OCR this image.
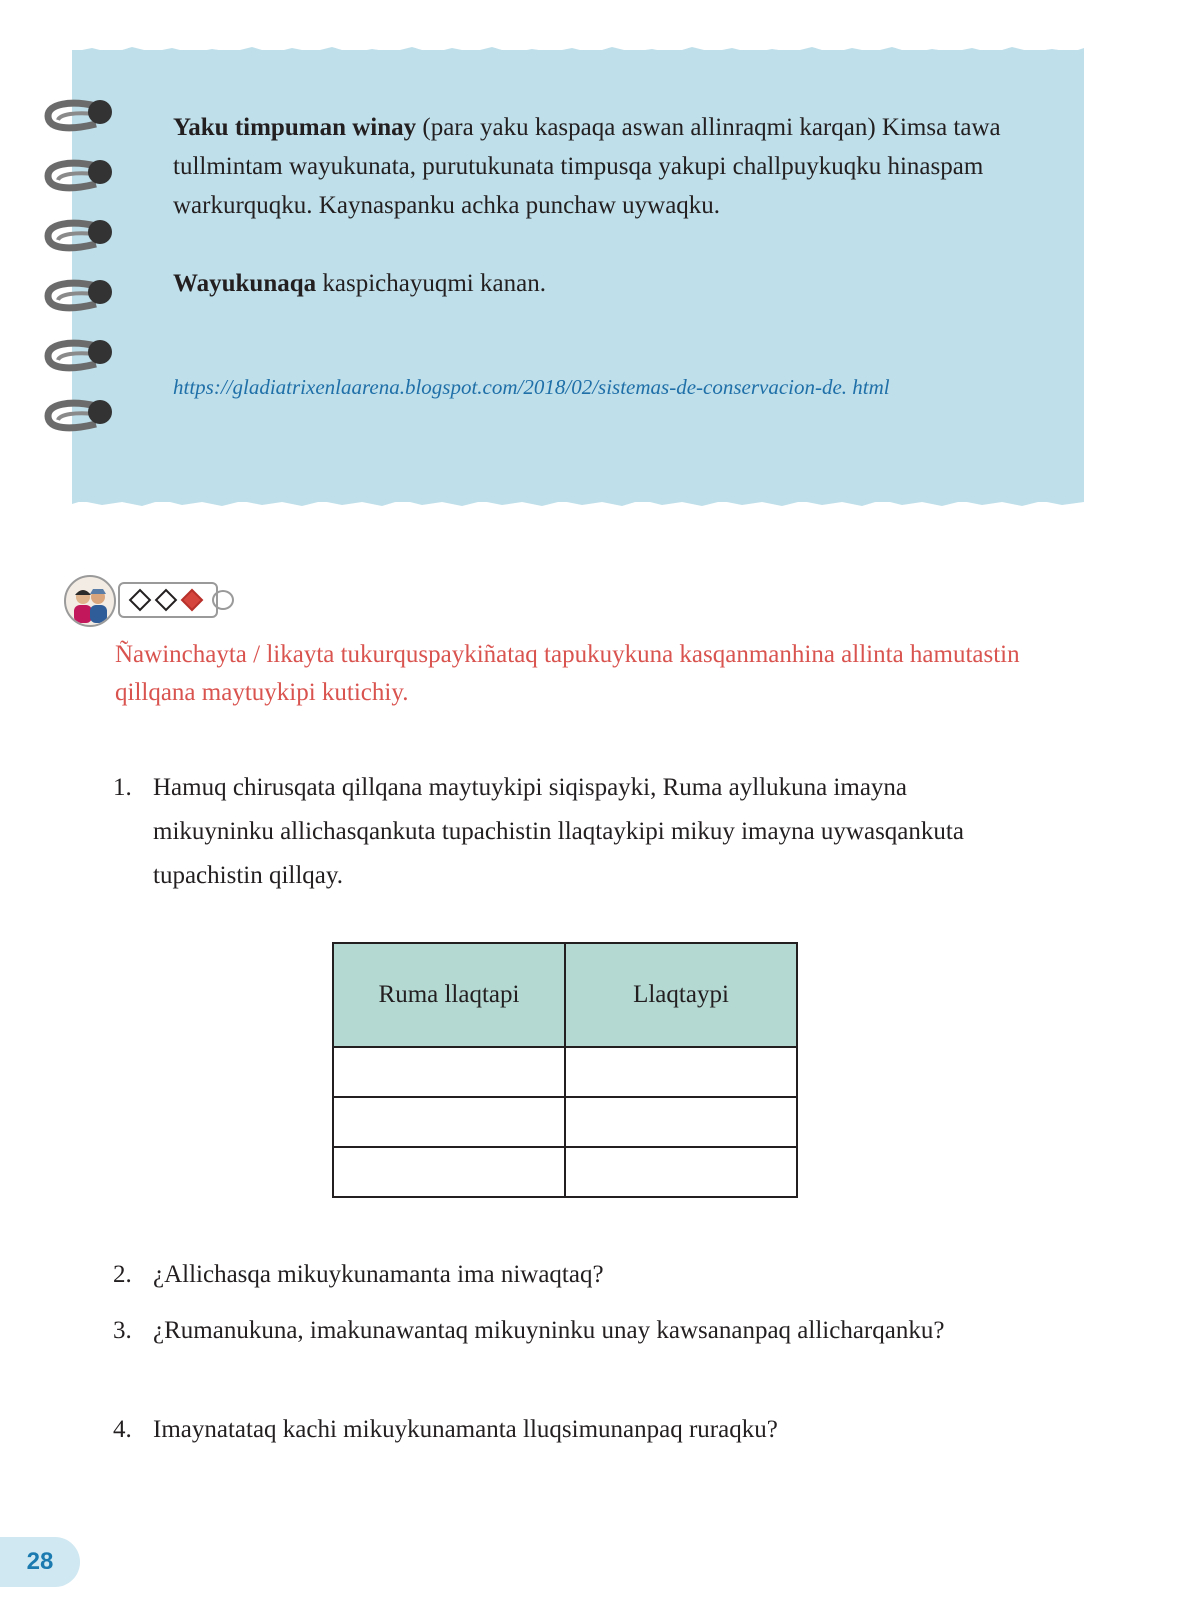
Yaku timpuman winay (para yaku kaspaqa aswan allinraqmi karqan) Kimsa tawa tullmintam wayukunata, purutukunata timpusqa yakupi challpuykuqku hinaspam warkurquqku. Kaynaspanku achka punchaw uywaqku.

Wayukunaqa kaspichayuqmi kanan.

https://gladiatrixenlaarena.blogspot.com/2018/02/sistemas-de-conservacion-de. html
Ñawinchayta / likayta tukurquspaykiñataq tapukuykuna kasqanmanhina allinta hamutastin qillqana maytuykipi kutichiy.
1. Hamuq chirusqata qillqana maytuykipi siqispayki, Ruma ayllukuna imayna mikuyninku allichasqankuta tupachistin llaqtaykipi mikuy imayna uywasqankuta tupachistin qillqay.
Ruma llaqtapi	Llaqtaypi

2. ¿Allichasqa mikuykunamanta ima niwaqtaq?
3. ¿Rumanukuna, imakunawantaq mikuyninku unay kawsananpaq allicharqanku?
4. Imaynatataq kachi mikuykunamanta lluqsimunanpaq ruraqku?
28
